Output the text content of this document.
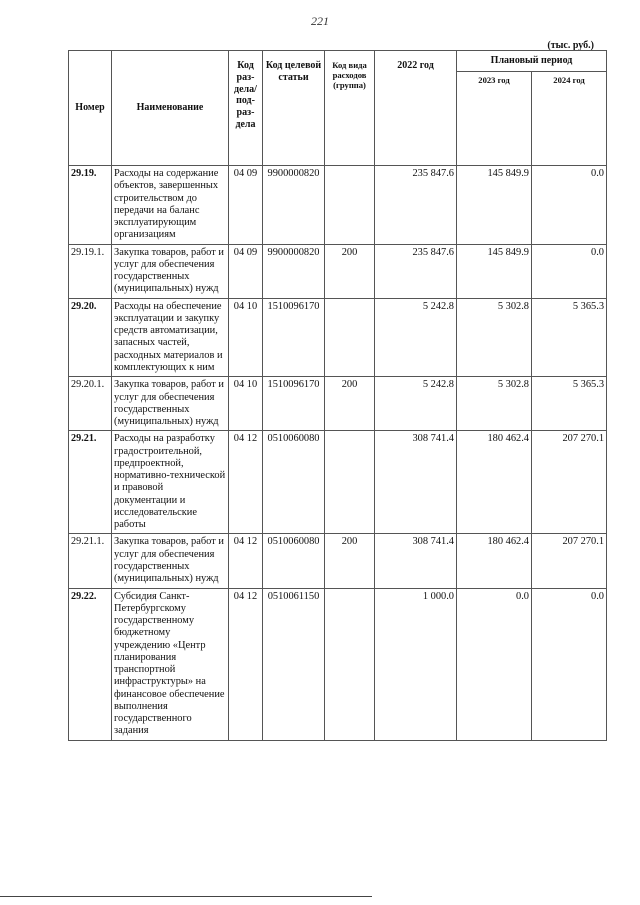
221
(тыс. руб.)
Номер	Наименование	Код раз- дела/ под- раз- дела	Код целевой статьи	Код вида расходов (группа)	2022 год	Плановый период	
						2023 год	2024 год
29.19.	Расходы на содержание объектов, завершенных строительством до передачи на баланс эксплуатирующим организациям	04 09	9900000820		235 847.6	145 849.9	0.0
29.19.1.	Закупка товаров, работ и услуг для обеспечения государственных (муниципальных) нужд	04 09	9900000820	200	235 847.6	145 849.9	0.0
29.20.	Расходы на обеспечение эксплуатации и закупку средств автоматизации, запасных частей, расходных материалов и комплектующих к ним	04 10	1510096170		5 242.8	5 302.8	5 365.3
29.20.1.	Закупка товаров, работ и услуг для обеспечения государственных (муниципальных) нужд	04 10	1510096170	200	5 242.8	5 302.8	5 365.3
29.21.	Расходы на разработку градостроительной, предпроектной, нормативно-технической и правовой документации и исследовательские работы	04 12	0510060080		308 741.4	180 462.4	207 270.1
29.21.1.	Закупка товаров, работ и услуг для обеспечения государственных (муниципальных) нужд	04 12	0510060080	200	308 741.4	180 462.4	207 270.1
29.22.	Субсидия Санкт-Петербургскому государственному бюджетному учреждению «Центр планирования транспортной инфраструктуры» на финансовое обеспечение выполнения государственного задания	04 12	0510061150		1 000.0	0.0	0.0
